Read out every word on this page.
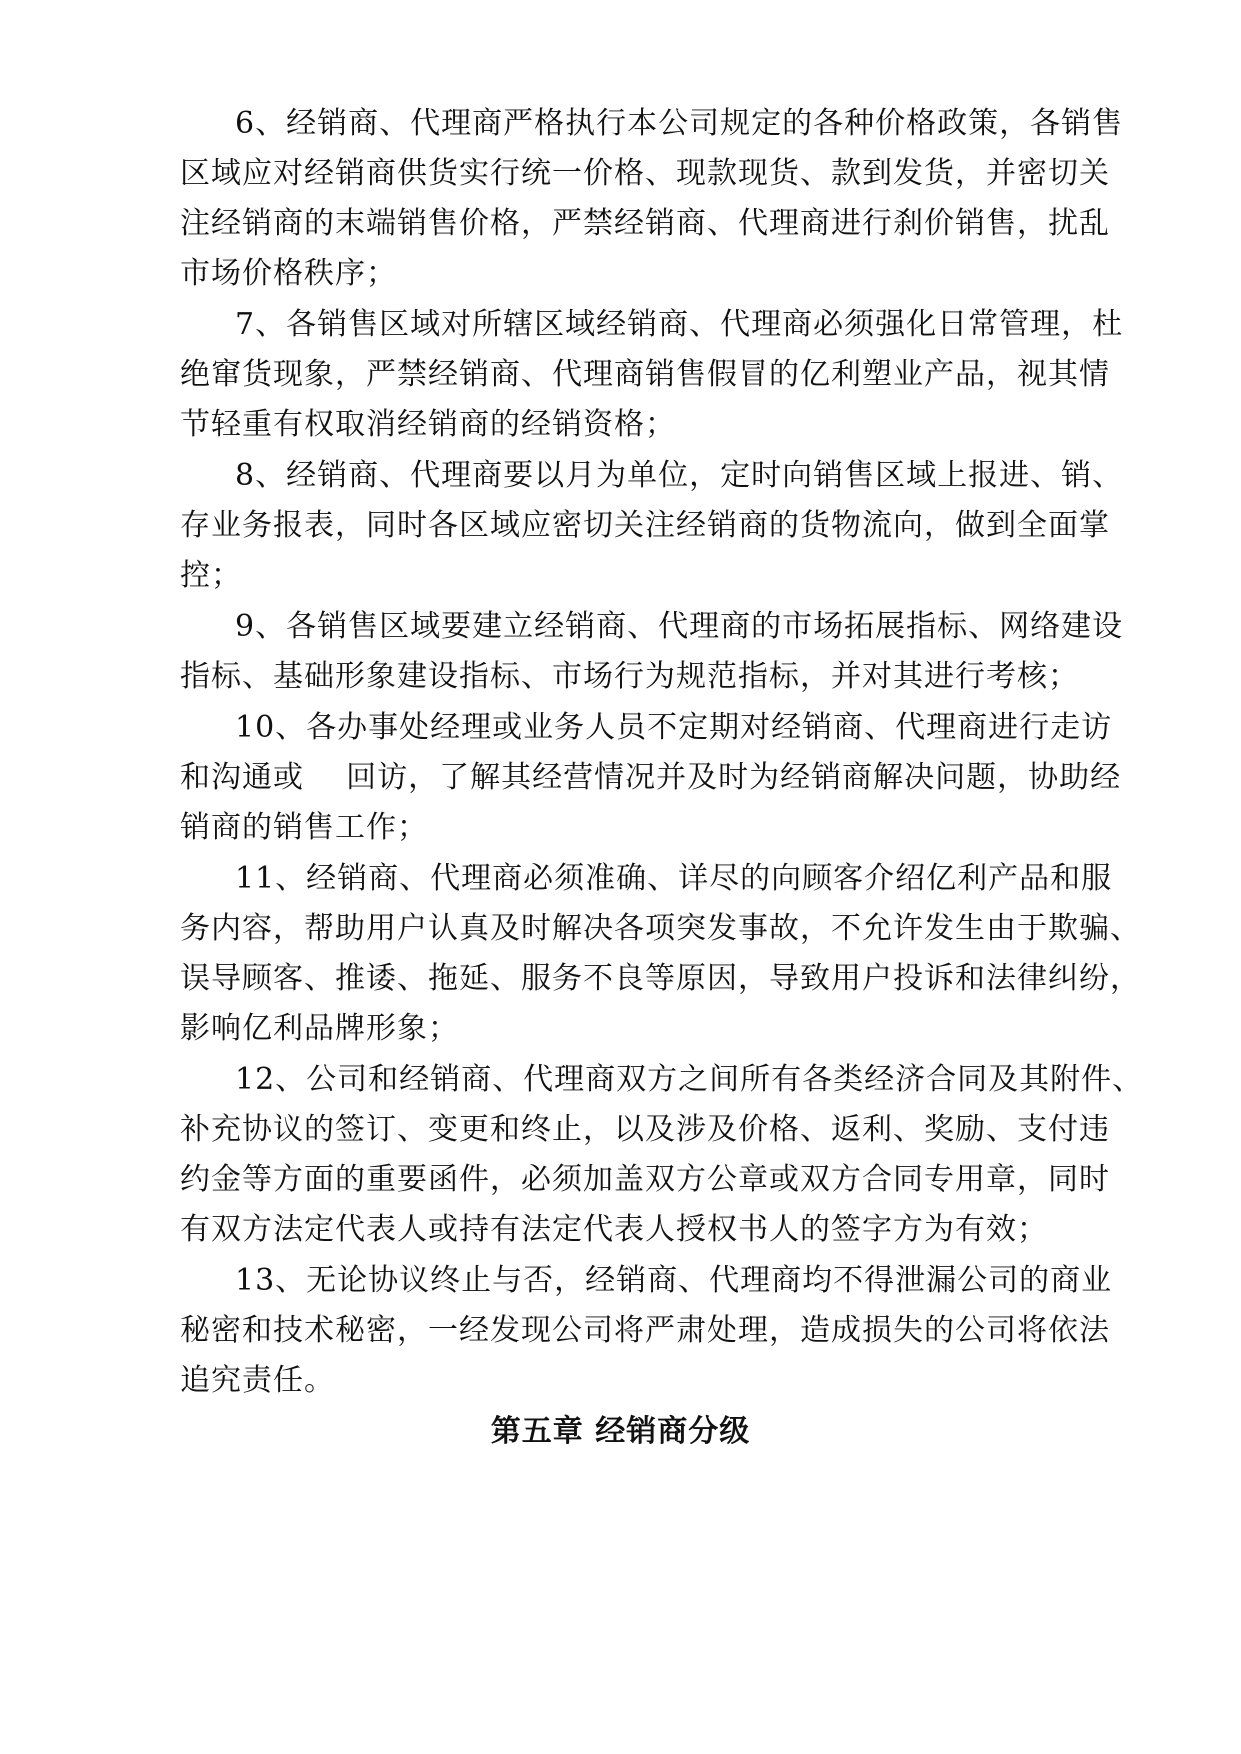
6、经销商、代理商严格执行本公司规定的各种价格政策，各销售
区域应对经销商供货实行统一价格、现款现货、款到发货，并密切关
注经销商的末端销售价格，严禁经销商、代理商进行刹价销售，扰乱
市场价格秩序；
7、各销售区域对所辖区域经销商、代理商必须强化日常管理，杜
绝窜货现象，严禁经销商、代理商销售假冒的亿利塑业产品，视其情
节轻重有权取消经销商的经销资格；
8、经销商、代理商要以月为单位，定时向销售区域上报进、销、
存业务报表，同时各区域应密切关注经销商的货物流向，做到全面掌
控；
9、各销售区域要建立经销商、代理商的市场拓展指标、网络建设
指标、基础形象建设指标、市场行为规范指标，并对其进行考核；
10、各办事处经理或业务人员不定期对经销商、代理商进行走访
和沟通或    回访，了解其经营情况并及时为经销商解决问题，协助经
销商的销售工作；
11、经销商、代理商必须准确、详尽的向顾客介绍亿利产品和服
务内容，帮助用户认真及时解决各项突发事故，不允许发生由于欺骗、
误导顾客、推诿、拖延、服务不良等原因，导致用户投诉和法律纠纷，
影响亿利品牌形象；
12、公司和经销商、代理商双方之间所有各类经济合同及其附件、
补充协议的签订、变更和终止，以及涉及价格、返利、奖励、支付违
约金等方面的重要函件，必须加盖双方公章或双方合同专用章，同时
有双方法定代表人或持有法定代表人授权书人的签字方为有效；
13、无论协议终止与否，经销商、代理商均不得泄漏公司的商业
秘密和技术秘密，一经发现公司将严肃处理，造成损失的公司将依法
追究责任。
第五章 经销商分级
